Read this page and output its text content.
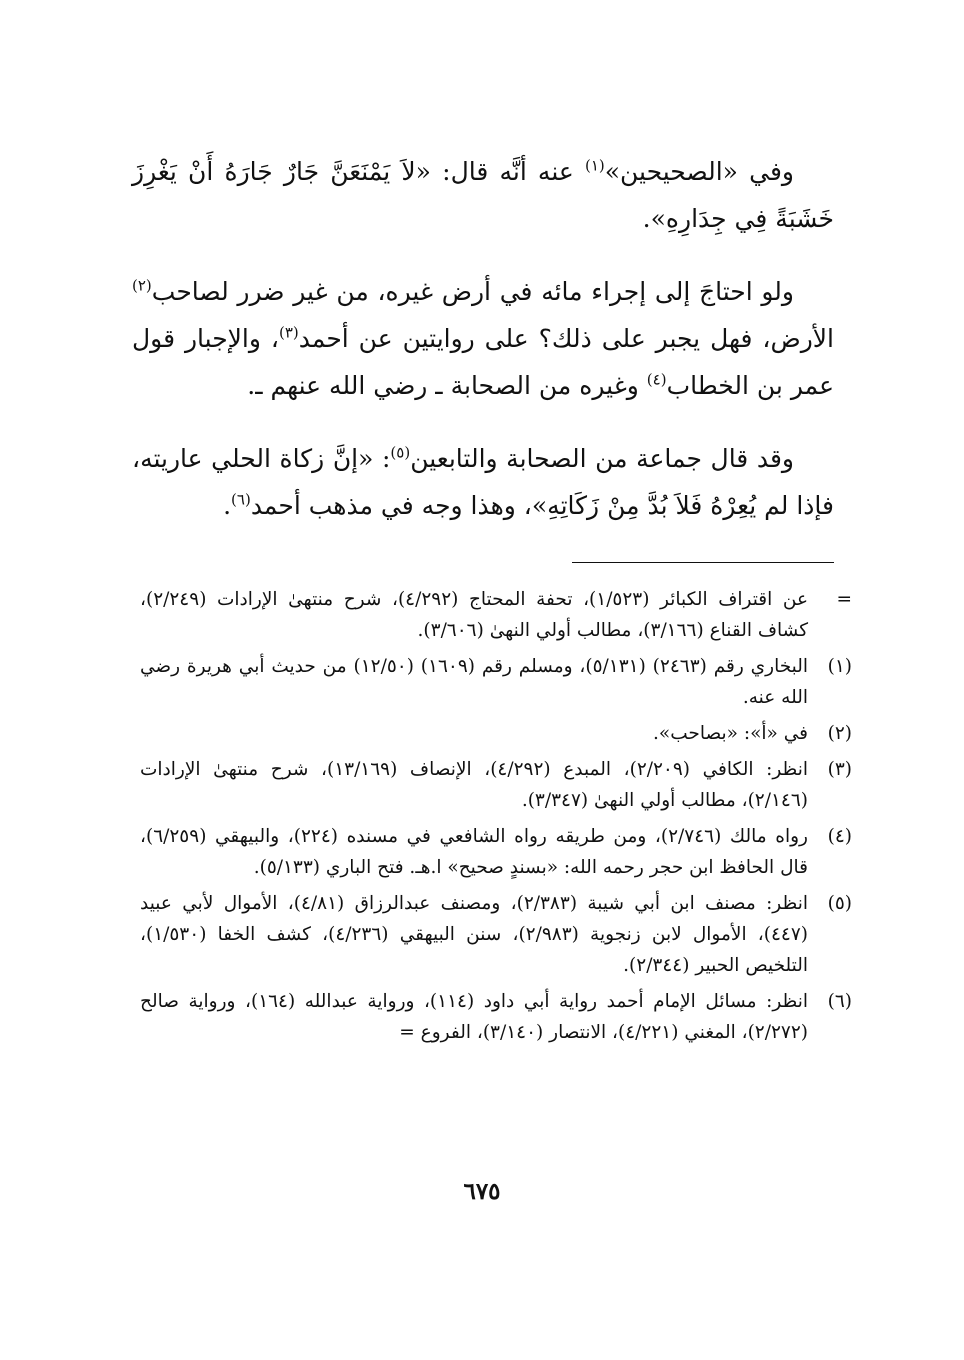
وفي «الصحيحين»$^{(١)}$ عنه أنَّه قال: «لاَ يَمْنَعَنَّ جَارٌ جَارَهُ أَنْ يَغْرِزَ خَشَبَةً فِي جِدَارِهِ».

ولو احتاجَ إلى إجراء مائه في أرض غيره، من غير ضرر لصاحب$^{(٢)}$ الأرض، فهل يجبر على ذلك؟ على روايتين عن أحمد$^{(٣)}$، والإجبار قول عمر بن الخطاب$^{(٤)}$ وغيره من الصحابة ـ رضي الله عنهم ـ.

وقد قال جماعة من الصحابة والتابعين$^{(٥)}$: «إنَّ زكاة الحلي عاريته، فإذا لم يُعِرْهُ فَلاَ بُدَّ مِنْ زَكَاتِهِ»، وهذا وجه في مذهب أحمد$^{(٦)}$.

=
عن اقتراف الكبائر (١/٥٢٣)، تحفة المحتاج (٤/٢٩٢)، شرح منتهىٰ الإرادات (٢/٢٤٩)، كشاف القناع (٣/١٦٦)، مطالب أولي النهىٰ (٣/٦٠٦).
(١)
البخاري رقم (٢٤٦٣) (٥/١٣١)، ومسلم رقم (١٦٠٩) (١٢/٥٠) من حديث أبي هريرة رضي الله عنه.
(٢)
في «أ»: «بصاحب».
(٣)
انظر: الكافي (٢/٢٠٩)، المبدع (٤/٢٩٢)، الإنصاف (١٣/١٦٩)، شرح منتهىٰ الإرادات (٢/١٤٦)، مطالب أولي النهىٰ (٣/٣٤٧).
(٤)
رواه مالك (٢/٧٤٦)، ومن طريقه رواه الشافعي في مسنده (٢٢٤)، والبيهقي (٦/٢٥٩)، قال الحافظ ابن حجر رحمه الله: «بسندٍ صحيح» ا.هـ. فتح الباري (٥/١٣٣).
(٥)
انظر: مصنف ابن أبي شيبة (٢/٣٨٣)، ومصنف عبدالرزاق (٤/٨١)، الأموال لأبي عبيد (٤٤٧)، الأموال لابن زنجوية (٢/٩٨٣)، سنن البيهقي (٤/٢٣٦)، كشف الخفا (١/٥٣٠)، التلخيص الحبير (٢/٣٤٤).
(٦)
انظر: مسائل الإمام أحمد رواية أبي داود (١١٤)، ورواية عبدالله (١٦٤)، ورواية صالح (٢/٢٧٢)، المغني (٤/٢٢١)، الانتصار (٣/١٤٠)، الفروع =
٦٧٥
